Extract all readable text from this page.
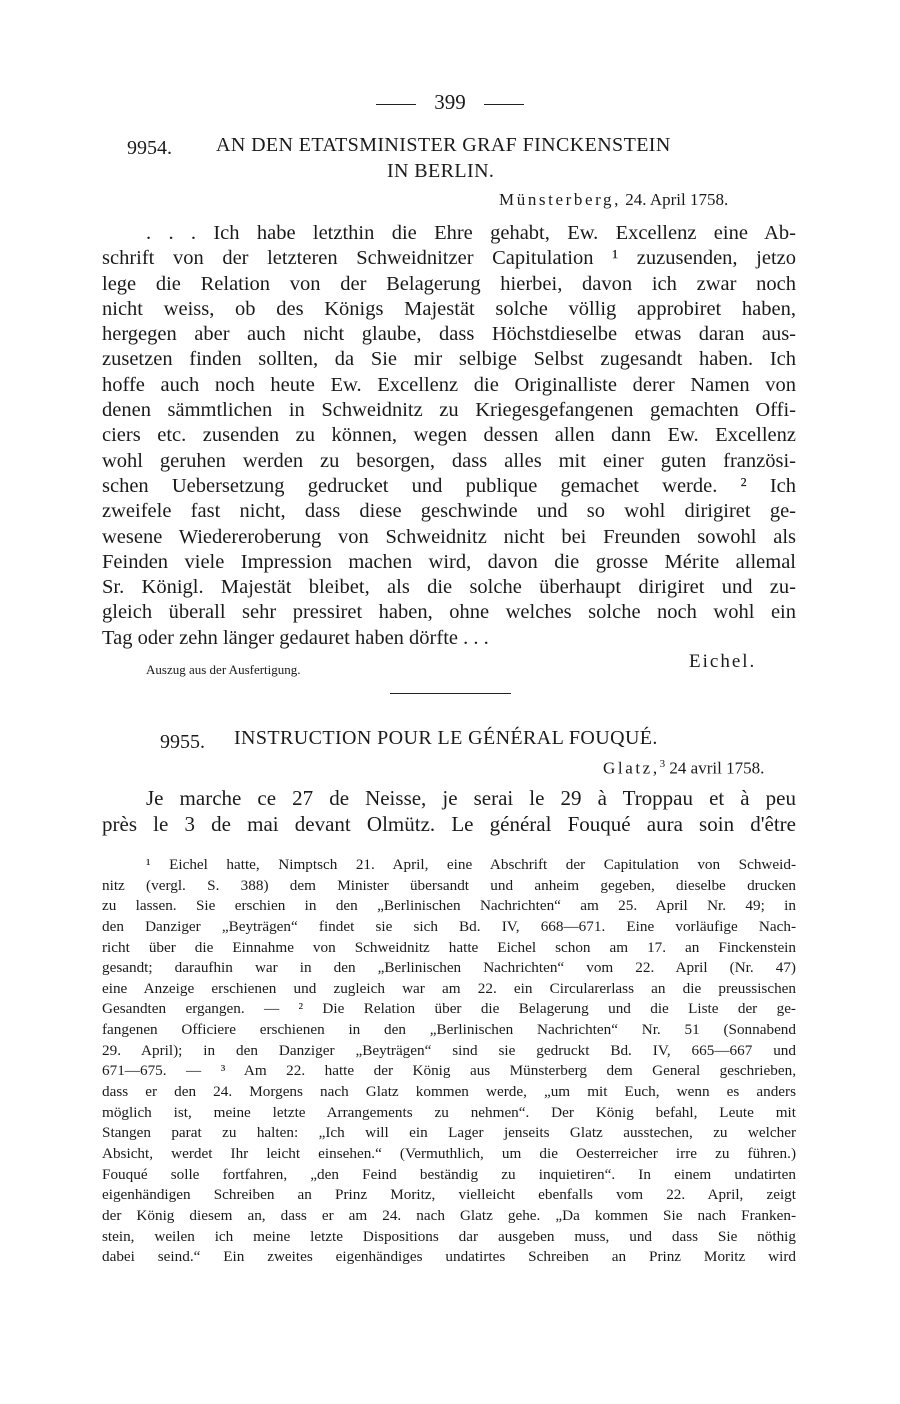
399
9954. AN DEN ETATSMINISTER GRAF FINCKENSTEIN
IN BERLIN.
Münsterberg, 24. April 1758.
. . . Ich habe letzthin die Ehre gehabt, Ew. Excellenz eine Ab-
schrift von der letzteren Schweidnitzer Capitulation ¹ zuzusenden, jetzo
lege die Relation von der Belagerung hierbei, davon ich zwar noch
nicht weiss, ob des Königs Majestät solche völlig approbiret haben,
hergegen aber auch nicht glaube, dass Höchstdieselbe etwas daran aus-
zusetzen finden sollten, da Sie mir selbige Selbst zugesandt haben. Ich
hoffe auch noch heute Ew. Excellenz die Originalliste derer Namen von
denen sämmtlichen in Schweidnitz zu Kriegesgefangenen gemachten Offi-
ciers etc. zusenden zu können, wegen dessen allen dann Ew. Excellenz
wohl geruhen werden zu besorgen, dass alles mit einer guten französi-
schen Uebersetzung gedrucket und publique gemachet werde. ² Ich
zweifele fast nicht, dass diese geschwinde und so wohl dirigiret ge-
wesene Wiedereroberung von Schweidnitz nicht bei Freunden sowohl als
Feinden viele Impression machen wird, davon die grosse Mérite allemal
Sr. Königl. Majestät bleibet, als die solche überhaupt dirigiret und zu-
gleich überall sehr pressiret haben, ohne welches solche noch wohl ein
Tag oder zehn länger gedauret haben dörfte . . .
Auszug aus der Ausfertigung.	Eichel.
9955. INSTRUCTION POUR LE GÉNÉRAL FOUQUÉ.
Glatz,$^3$ 24 avril 1758.
Je marche ce 27 de Neisse, je serai le 29 à Troppau et à peu
près le 3 de mai devant Olmütz. Le général Fouqué aura soin d'être
¹ Eichel hatte, Nimptsch 21. April, eine Abschrift der Capitulation von Schweid-
nitz (vergl. S. 388) dem Minister übersandt und anheim gegeben, dieselbe drucken
zu lassen. Sie erschien in den „Berlinischen Nachrichten“ am 25. April Nr. 49; in
den Danziger „Beyträgen“ findet sie sich Bd. IV, 668—671. Eine vorläufige Nach-
richt über die Einnahme von Schweidnitz hatte Eichel schon am 17. an Finckenstein
gesandt; daraufhin war in den „Berlinischen Nachrichten“ vom 22. April (Nr. 47)
eine Anzeige erschienen und zugleich war am 22. ein Circularerlass an die preussischen
Gesandten ergangen. — ² Die Relation über die Belagerung und die Liste der ge-
fangenen Officiere erschienen in den „Berlinischen Nachrichten“ Nr. 51 (Sonnabend
29. April); in den Danziger „Beyträgen“ sind sie gedruckt Bd. IV, 665—667 und
671—675. — ³ Am 22. hatte der König aus Münsterberg dem General geschrieben,
dass er den 24. Morgens nach Glatz kommen werde, „um mit Euch, wenn es anders
möglich ist, meine letzte Arrangements zu nehmen“. Der König befahl, Leute mit
Stangen parat zu halten: „Ich will ein Lager jenseits Glatz ausstechen, zu welcher
Absicht, werdet Ihr leicht einsehen.“ (Vermuthlich, um die Oesterreicher irre zu führen.)
Fouqué solle fortfahren, „den Feind beständig zu inquietiren“. In einem undatirten
eigenhändigen Schreiben an Prinz Moritz, vielleicht ebenfalls vom 22. April, zeigt
der König diesem an, dass er am 24. nach Glatz gehe. „Da kommen Sie nach Franken-
stein, weilen ich meine letzte Dispositions dar ausgeben muss, und dass Sie nöthig
dabei seind.“ Ein zweites eigenhändiges undatirtes Schreiben an Prinz Moritz wird
